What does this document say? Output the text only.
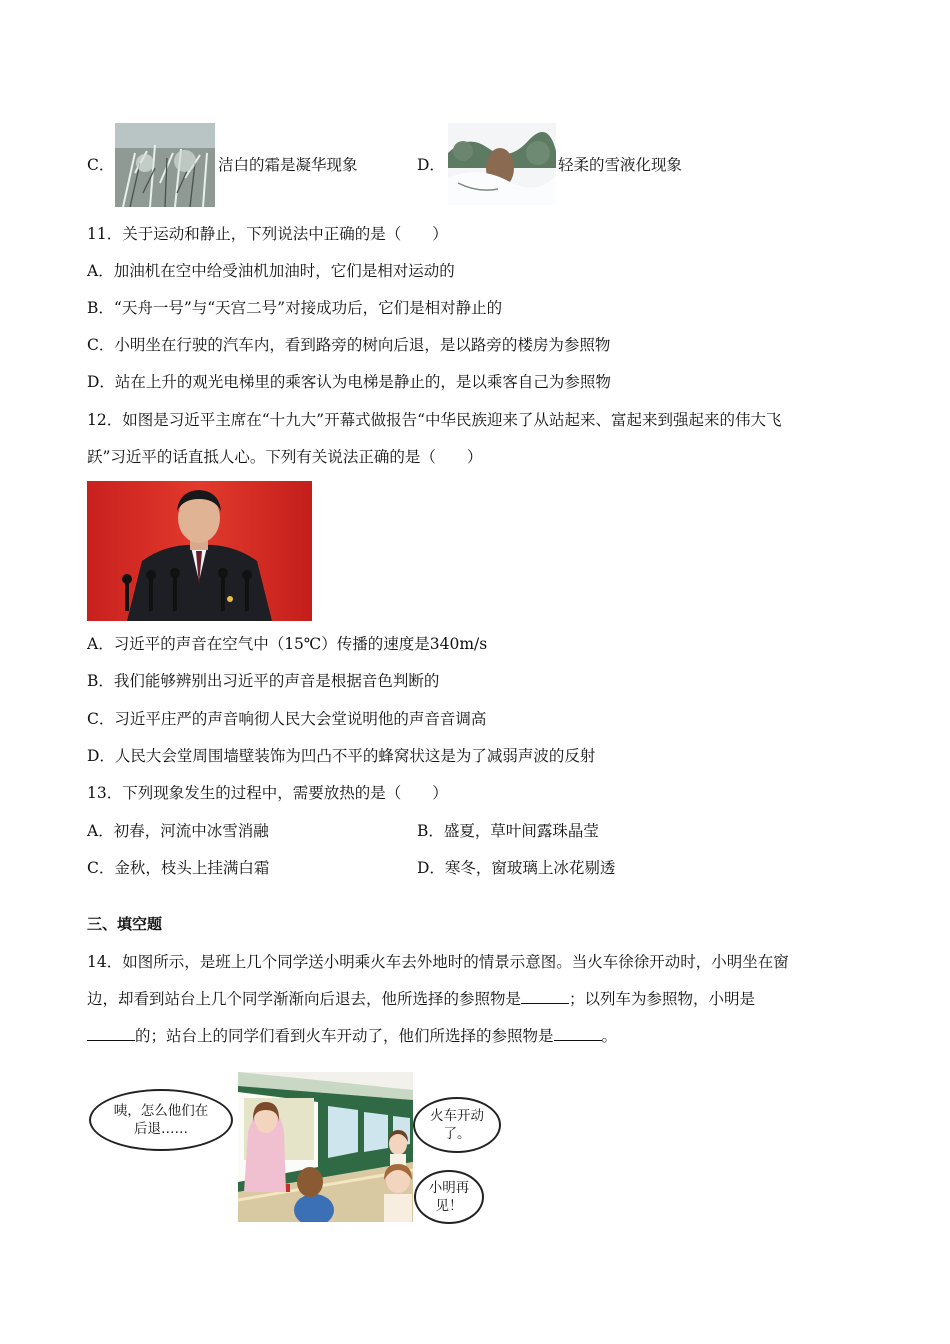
C．	洁白的霜是凝华现象	D．	轻柔的雪液化现象
11．关于运动和静止，下列说法中正确的是（　　）
A．加油机在空中给受油机加油时，它们是相对运动的
B．“天舟一号”与“天宫二号”对接成功后，它们是相对静止的
C．小明坐在行驶的汽车内，看到路旁的树向后退，是以路旁的楼房为参照物
D．站在上升的观光电梯里的乘客认为电梯是静止的，是以乘客自己为参照物
12．如图是习近平主席在“十九大”开幕式做报告“中华民族迎来了从站起来、富起来到强起来的伟大飞
跃”习近平的话直抵人心。下列有关说法正确的是（　　）
A．习近平的声音在空气中（15℃）传播的速度是340m/s
B．我们能够辨别出习近平的声音是根据音色判断的
C．习近平庄严的声音响彻人民大会堂说明他的声音音调高
D．人民大会堂周围墙壁装饰为凹凸不平的蜂窝状这是为了减弱声波的反射
13．下列现象发生的过程中，需要放热的是（　　）
A．初春，河流中冰雪消融	B．盛夏，草叶间露珠晶莹
C．金秋，枝头上挂满白霜	D．寒冬，窗玻璃上冰花剔透
三、填空题
14．如图所示，是班上几个同学送小明乘火车去外地时的情景示意图。当火车徐徐开动时，小明坐在窗
边，却看到站台上几个同学渐渐向后退去，他所选择的参照物是	；以列车为参照物，小明是
的；站台上的同学们看到火车开动了，他们所选择的参照物是	。
咦，怎么他们在
后退……
火车开动
了。
小明再
见！
